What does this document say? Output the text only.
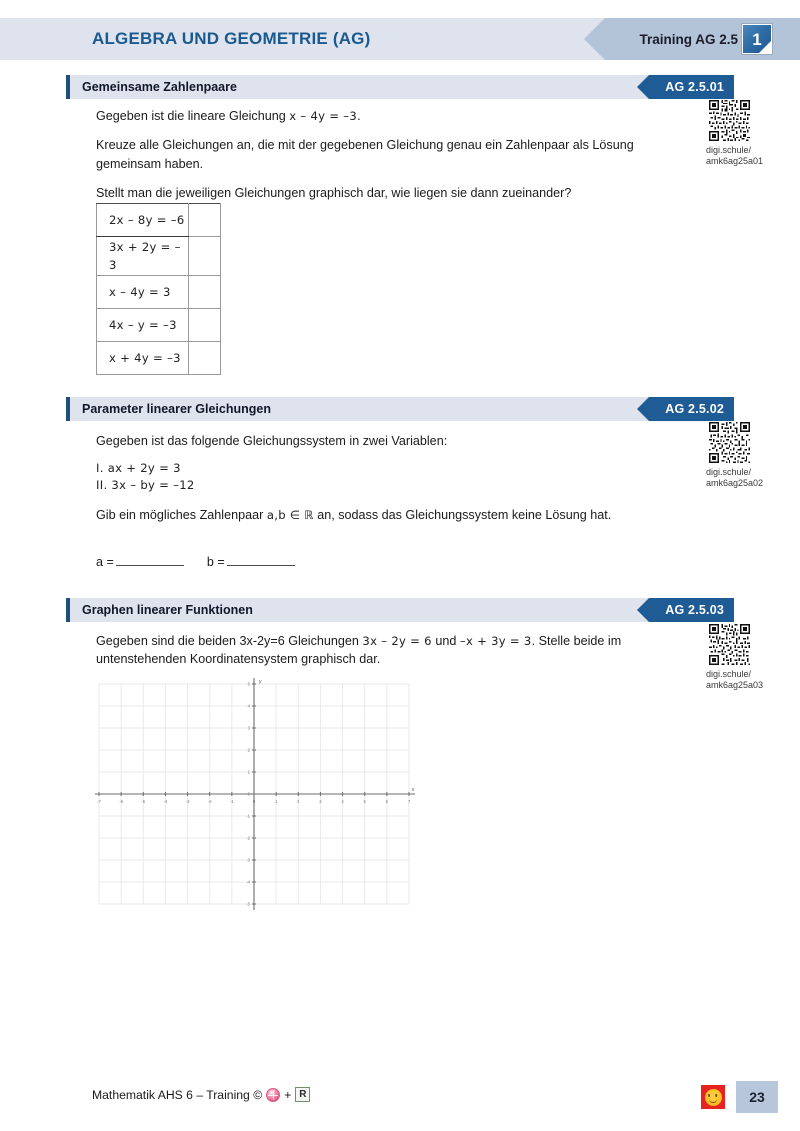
ALGEBRA UND GEOMETRIE (AG)	Training AG 2.5 1
Gemeinsame Zahlenpaare	AG 2.5.01

Gegeben ist die lineare Gleichung x – 4y = –3.

Kreuze alle Gleichungen an, die mit der gegebenen Gleichung genau ein Zahlenpaar als Lösung gemeinsam haben.

Stellt man die jeweiligen Gleichungen graphisch dar, wie liegen sie dann zueinander?

2x – 8y = –6	
3x + 2y = –3	
x – 4y = 3	
4x – y = –3	
x + 4y = –3	
digi.schule/
amk6ag25a01
Parameter linearer Gleichungen	AG 2.5.02

Gegeben ist das folgende Gleichungssystem in zwei Variablen:

I. ax + 2y = 3
II. 3x – by = –12

Gib ein mögliches Zahlenpaar a,b ∈ ℝ an, sodass das Gleichungssystem keine Lösung hat.

a =	b =
digi.schule/
amk6ag25a02
Graphen linearer Funktionen	AG 2.5.03

Gegeben sind die beiden 3x-2y=6 Gleichungen 3x – 2y = 6 und –x + 3y = 3. Stelle beide im untenstehenden Koordinatensystem graphisch dar.

digi.schule/
amk6ag25a03
-7	-6	-5	-4	-3	-2	-1	0	1	2	3	4	5	6	7
-5
-4
-3
-2
-1
0
1
2
3
4
5
x
y
Mathematik AHS 6 – Training © + R	23
